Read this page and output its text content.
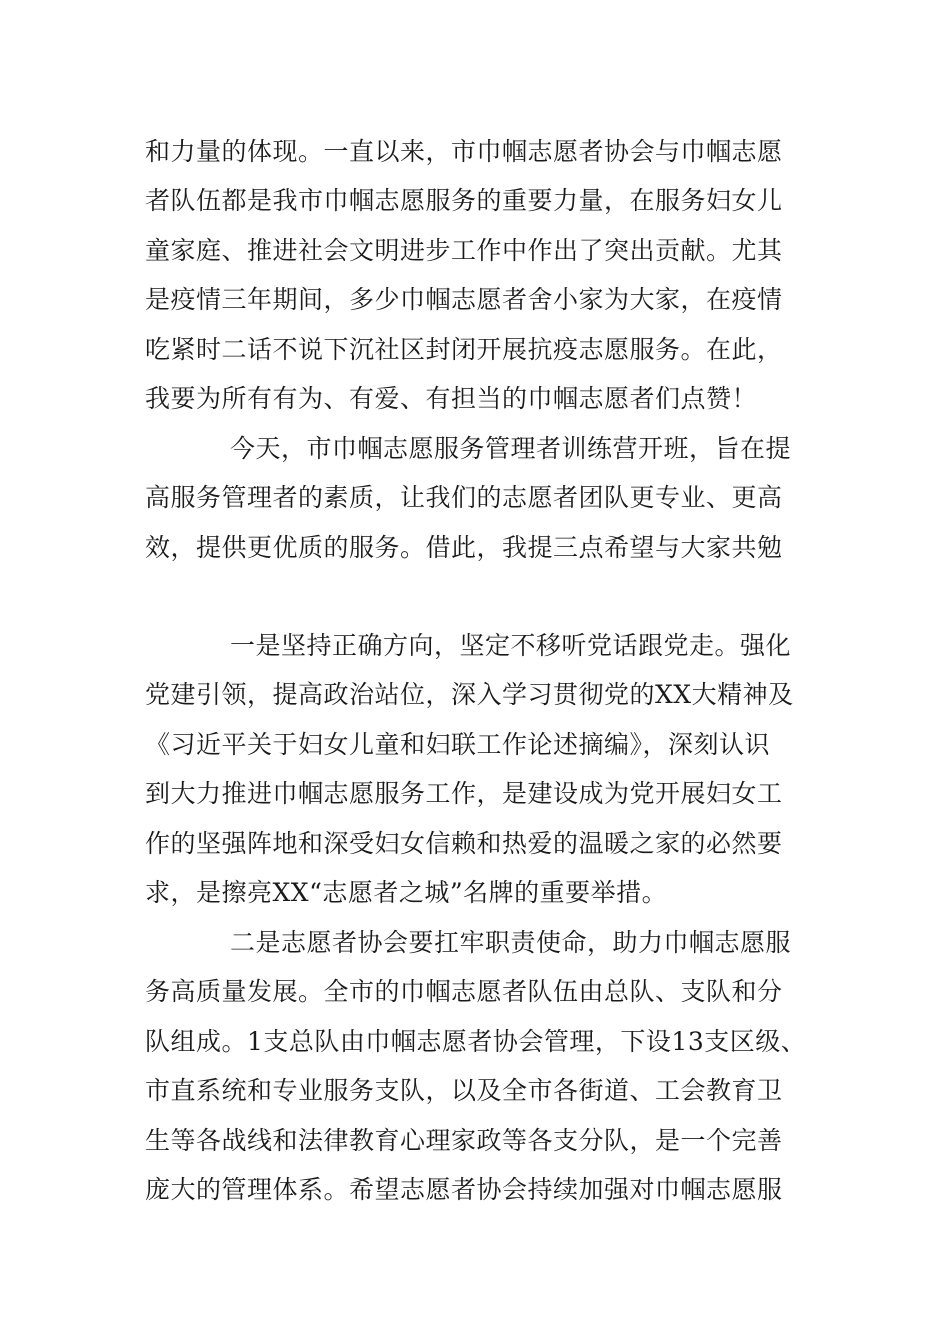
和力量的体现。一直以来，市巾帼志愿者协会与巾帼志愿
者队伍都是我市巾帼志愿服务的重要力量，在服务妇女儿
童家庭、推进社会文明进步工作中作出了突出贡献。尤其
是疫情三年期间，多少巾帼志愿者舍小家为大家，在疫情
吃紧时二话不说下沉社区封闭开展抗疫志愿服务。在此，
我要为所有有为、有爱、有担当的巾帼志愿者们点赞！
今天，市巾帼志愿服务管理者训练营开班，旨在提
高服务管理者的素质，让我们的志愿者团队更专业、更高
效，提供更优质的服务。借此，我提三点希望与大家共勉
一是坚持正确方向，坚定不移听党话跟党走。强化
党建引领，提高政治站位，深入学习贯彻党的XX大精神及
《习近平关于妇女儿童和妇联工作论述摘编》，深刻认识
到大力推进巾帼志愿服务工作，是建设成为党开展妇女工
作的坚强阵地和深受妇女信赖和热爱的温暖之家的必然要
求，是擦亮XX“志愿者之城”名牌的重要举措。
二是志愿者协会要扛牢职责使命，助力巾帼志愿服
务高质量发展。全市的巾帼志愿者队伍由总队、支队和分
队组成。1支总队由巾帼志愿者协会管理，下设13支区级、
市直系统和专业服务支队，以及全市各街道、工会教育卫
生等各战线和法律教育心理家政等各支分队，是一个完善
庞大的管理体系。希望志愿者协会持续加强对巾帼志愿服
